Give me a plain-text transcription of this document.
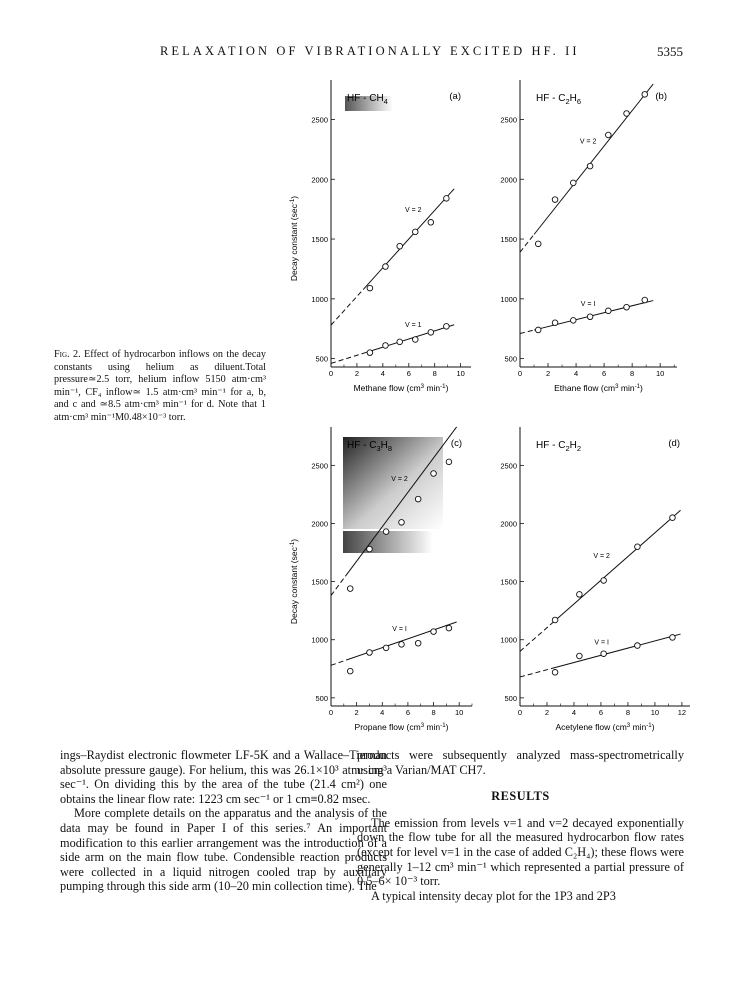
RELAXATION OF VIBRATIONALLY EXCITED HF. II	5355
0	2	4	6	8	10
500
1000
1500
2000
2500
Methane flow ($cm^3$ $\min^{-1}$)
Decay constant $(\sec^{-1})$
HF - $CH_4$	(a)
V = 2
V = 1
0	2	4	6	8	10
500
1000
1500
2000
2500
Ethane flow ($cm^3$ $\min^{-1}$)
HF - $C_2H_6$	(b)
V = 2
V = I
0	2	4	6	8	10
500
1000
1500
2000
2500
Propane flow ($cm^3$ $\min^{-1}$)
Decay constant $(\sec^{-1})$
HF - $C_3H_8$	(c)
V = 2
V = I
0	2	4	6	8	10 12
500
1000
1500
2000
2500
Acetylene flow ($cm^3$ $\min^{-1}$)
HF - $C_2H_2$	(d)
V = 2
V = I
Fig. 2. Effect of hydrocarbon inflows on the decay constants using helium as diluent.Total pressure≃2.5 torr, helium inflow 5150 atm·cm³ min⁻¹, CF₄ inflow≃ 1.5 atm·cm³ min⁻¹ for a, b, and c and ≃8.5 atm·cm³ min⁻¹ for d. Note that 1 atm·cm³ min⁻¹M0.48×10⁻³ torr.

ings–Raydist electronic flowmeter LF-5K and a Wallace–Tiernan absolute pressure gauge). For helium, this was 26.1×10³ atm· cm³ sec⁻¹. On dividing this by the area of the tube (21.4 cm²) one obtains the linear flow rate: 1223 cm sec⁻¹ or 1 cm≡0.82 msec.

More complete details on the apparatus and the analysis of the data may be found in Paper I of this series.⁷ An important modification to this earlier arrangement was the introduction of a side arm on the main flow tube. Condensible reaction products were collected in a liquid nitrogen cooled trap by auxiliary pumping through this side arm (10–20 min collection time). The

products were subsequently analyzed mass-spectrometrically using a Varian/MAT CH7.

RESULTS

The emission from levels v=1 and v=2 decayed exponentially down the flow tube for all the measured hydrocarbon flow rates (except for level v=1 in the case of added C₂H₄); these flows were generally 1–12 cm³ min⁻¹ which represented a partial pressure of 0.5–6× 10⁻³ torr.

A typical intensity decay plot for the 1P3 and 2P3
